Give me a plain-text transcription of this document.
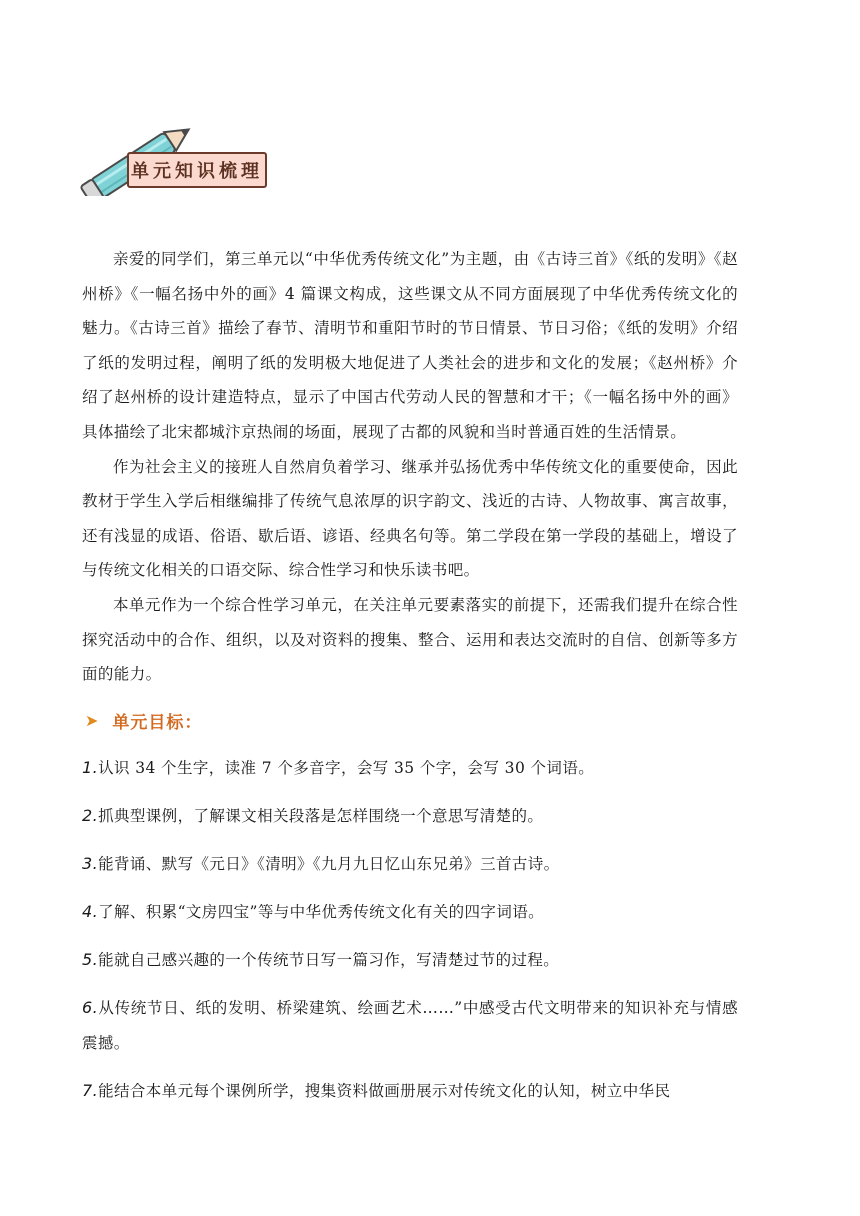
单元知识梳理

亲爱的同学们，第三单元以“中华优秀传统文化”为主题，由《古诗三首》《纸的发明》《赵州桥》《一幅名扬中外的画》4 篇课文构成，这些课文从不同方面展现了中华优秀传统文化的魅力。《古诗三首》描绘了春节、清明节和重阳节时的节日情景、节日习俗；《纸的发明》介绍了纸的发明过程，阐明了纸的发明极大地促进了人类社会的进步和文化的发展；《赵州桥》介绍了赵州桥的设计建造特点，显示了中国古代劳动人民的智慧和才干；《一幅名扬中外的画》具体描绘了北宋都城汴京热闹的场面，展现了古都的风貌和当时普通百姓的生活情景。

作为社会主义的接班人自然肩负着学习、继承并弘扬优秀中华传统文化的重要使命，因此教材于学生入学后相继编排了传统气息浓厚的识字韵文、浅近的古诗、人物故事、寓言故事，还有浅显的成语、俗语、歇后语、谚语、经典名句等。第二学段在第一学段的基础上，增设了与传统文化相关的口语交际、综合性学习和快乐读书吧。

本单元作为一个综合性学习单元，在关注单元要素落实的前提下，还需我们提升在综合性探究活动中的合作、组织，以及对资料的搜集、整合、运用和表达交流时的自信、创新等多方面的能力。

➤ 单元目标：

1.认识 34 个生字，读准 7 个多音字，会写 35 个字，会写 30 个词语。

2.抓典型课例，了解课文相关段落是怎样围绕一个意思写清楚的。

3.能背诵、默写《元日》《清明》《九月九日忆山东兄弟》三首古诗。

4.了解、积累“文房四宝”等与中华优秀传统文化有关的四字词语。

5.能就自己感兴趣的一个传统节日写一篇习作，写清楚过节的过程。

6.从传统节日、纸的发明、桥梁建筑、绘画艺术……”中感受古代文明带来的知识补充与情感震撼。

7.能结合本单元每个课例所学，搜集资料做画册展示对传统文化的认知，树立中华民
